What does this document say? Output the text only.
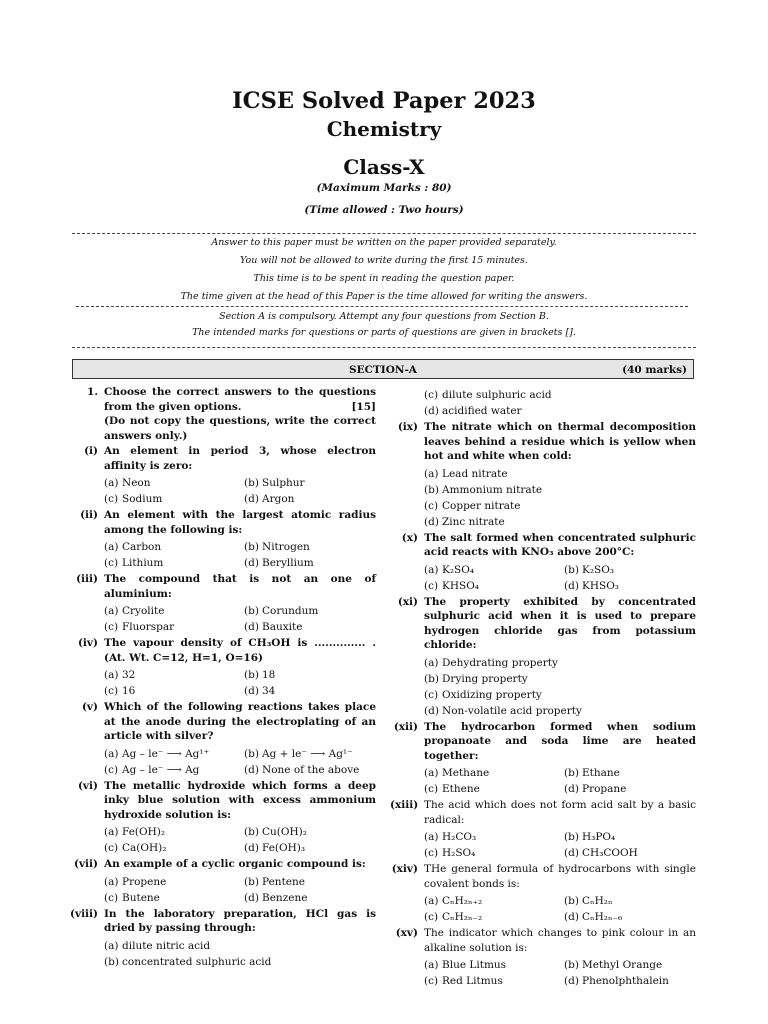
ICSE Solved Paper 2023
Chemistry
Class-X
(Maximum Marks : 80)
(Time allowed : Two hours)
Answer to this paper must be written on the paper provided separately.
You will not be allowed to write during the first 15 minutes.
This time is to be spent in reading the question paper.
The time given at the head of this Paper is the time allowed for writing the answers.
Section A is compulsory. Attempt any four questions from Section B.
The intended marks for questions or parts of questions are given in brackets [].
SECTION-A	(40 marks)
1. Choose the correct answers to the questions from the given options.	[15]
(Do not copy the questions, write the correct answers only.)
(i) An element in period 3, whose electron affinity is zero:
(a) Neon	(b) Sulphur
(c) Sodium	(d) Argon
(ii) An element with the largest atomic radius among the following is:
(a) Carbon	(b) Nitrogen
(c) Lithium	(d) Beryllium
(iii) The compound that is not an one of aluminium:
(a) Cryolite	(b) Corundum
(c) Fluorspar	(d) Bauxite
(iv) The vapour density of CH₃OH is .............. . (At. Wt. C=12, H=1, O=16)
(a) 32	(b) 18
(c) 16	(d) 34
(v) Which of the following reactions takes place at the anode during the electroplating of an article with silver?
(a) Ag – le⁻ ⟶ Ag¹⁺	(b) Ag + le⁻ ⟶ Ag¹⁻
(c) Ag – le⁻ ⟶ Ag	(d) None of the above
(vi) The metallic hydroxide which forms a deep inky blue solution with excess ammonium hydroxide solution is:
(a) Fe(OH)₂	(b) Cu(OH)₂
(c) Ca(OH)₂	(d) Fe(OH)₃
(vii) An example of a cyclic organic compound is:
(a) Propene	(b) Pentene
(c) Butene	(d) Benzene
(viii) In the laboratory preparation, HCl gas is dried by passing through:
(a) dilute nitric acid
(b) concentrated sulphuric acid
(c) dilute sulphuric acid
(d) acidified water
(ix) The nitrate which on thermal decomposition leaves behind a residue which is yellow when hot and white when cold:
(a) Lead nitrate
(b) Ammonium nitrate
(c) Copper nitrate
(d) Zinc nitrate
(x) The salt formed when concentrated sulphuric acid reacts with KNO₃ above 200°C:
(a) K₂SO₄	(b) K₂SO₃
(c) KHSO₄	(d) KHSO₃
(xi) The property exhibited by concentrated sulphuric acid when it is used to prepare hydrogen chloride gas from potassium chloride:
(a) Dehydrating property
(b) Drying property
(c) Oxidizing property
(d) Non-volatile acid property
(xii) The hydrocarbon formed when sodium propanoate and soda lime are heated together:
(a) Methane	(b) Ethane
(c) Ethene	(d) Propane
(xiii) The acid which does not form acid salt by a basic radical:
(a) H₂CO₃	(b) H₃PO₄
(c) H₂SO₄	(d) CH₃COOH
(xiv) THe general formula of hydrocarbons with single covalent bonds is:
(a) CₙH₂ₙ₊₂	(b) CₙH₂ₙ
(c) CₙH₂ₙ₋₂	(d) CₙH₂ₙ₋₆
(xv) The indicator which changes to pink colour in an alkaline solution is:
(a) Blue Litmus	(b) Methyl Orange
(c) Red Litmus	(d) Phenolphthalein
